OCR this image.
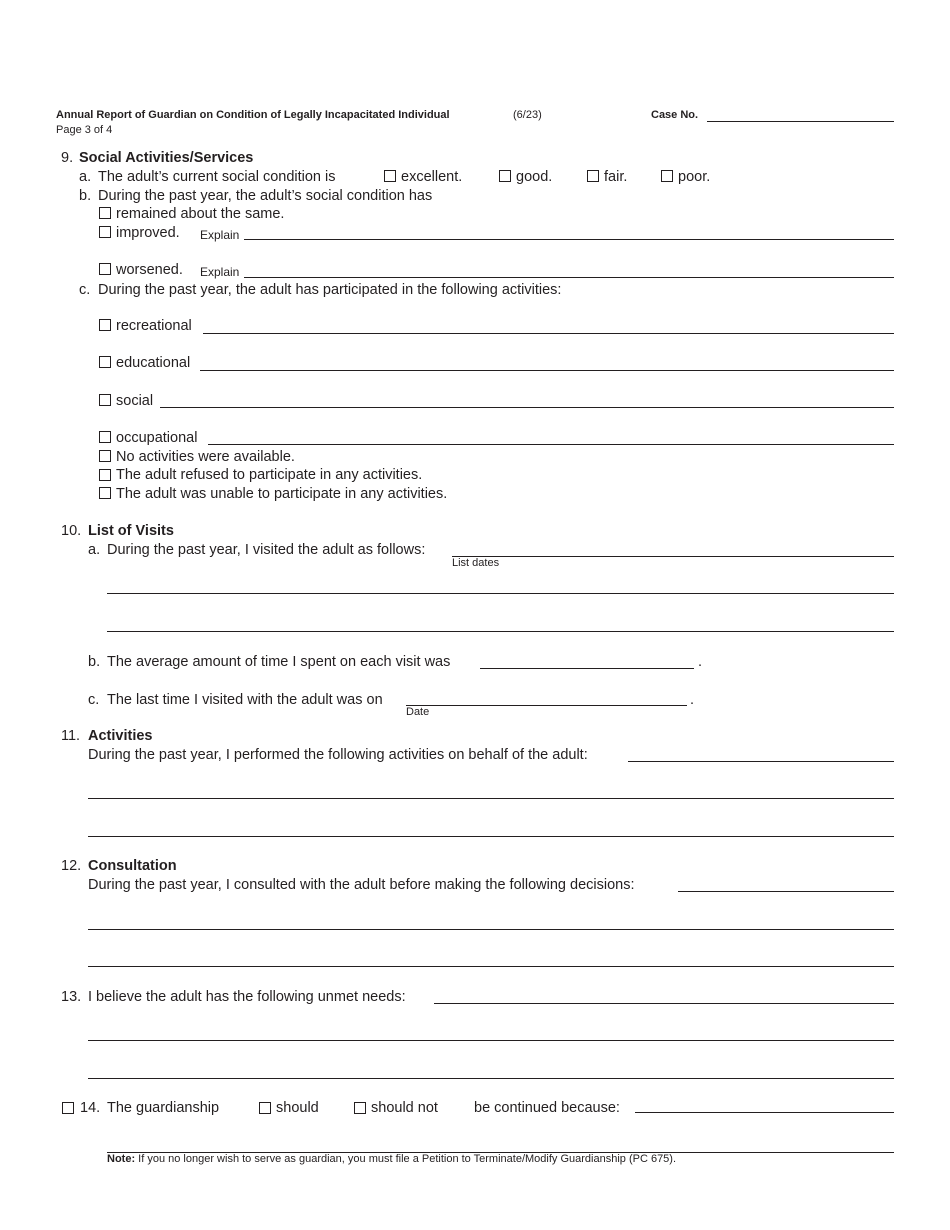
Annual Report of Guardian on Condition of Legally Incapacitated Individual	(6/23)
Page 3 of 4
Case No.
9. Social Activities/Services
a. The adult’s current social condition is	excellent.	good.	fair.	poor.
b. During the past year, the adult’s social condition has
remained about the same.
improved. Explain
worsened. Explain
c. During the past year, the adult has participated in the following activities:
recreational
educational
social
occupational
No activities were available.
The adult refused to participate in any activities.
The adult was unable to participate in any activities.
10. List of Visits
a. During the past year, I visited the adult as follows:
List dates
b. The average amount of time I spent on each visit was	.
c. The last time I visited with the adult was on	.
Date
11. Activities
During the past year, I performed the following activities on behalf of the adult:
12. Consultation
During the past year, I consulted with the adult before making the following decisions:
13. I believe the adult has the following unmet needs:
14. The guardianship	should	should not be continued because:
Note: If you no longer wish to serve as guardian, you must file a Petition to Terminate/Modify Guardianship (PC 675).
